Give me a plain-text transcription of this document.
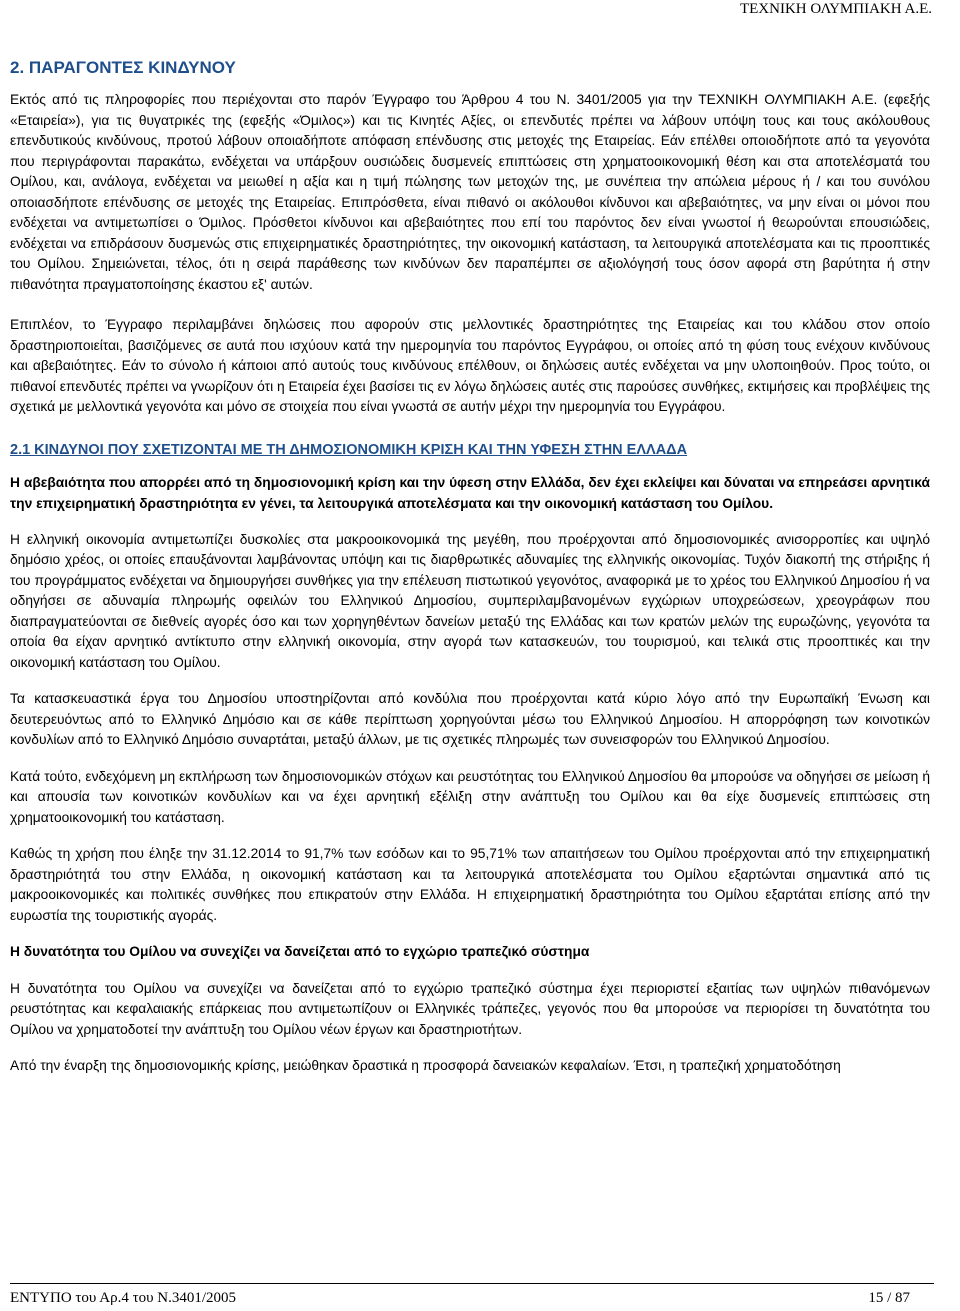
ΤΕΧΝΙΚΗ ΟΛΥΜΠΙΑΚΗ Α.Ε.
2. ΠΑΡΑΓΟΝΤΕΣ ΚΙΝΔΥΝΟΥ

Εκτός από τις πληροφορίες που περιέχονται στο παρόν Έγγραφο του Άρθρου 4 του Ν. 3401/2005 για την ΤΕΧΝΙΚΗ ΟΛΥΜΠΙΑΚΗ Α.Ε. (εφεξής «Εταιρεία»), για τις θυγατρικές της (εφεξής «Όμιλος») και τις Κινητές Αξίες, οι επενδυτές πρέπει να λάβουν υπόψη τους και τους ακόλουθους επενδυτικούς κινδύνους, προτού λάβουν οποιαδήποτε απόφαση επένδυσης στις μετοχές της Εταιρείας. Εάν επέλθει οποιοδήποτε από τα γεγονότα που περιγράφονται παρακάτω, ενδέχεται να υπάρξουν ουσιώδεις δυσμενείς επιπτώσεις στη χρηματοοικονομική θέση και στα αποτελέσματά του Ομίλου, και, ανάλογα, ενδέχεται να μειωθεί η αξία και η τιμή πώλησης των μετοχών της, με συνέπεια την απώλεια μέρους ή / και του συνόλου οποιασδήποτε επένδυσης σε μετοχές της Εταιρείας. Επιπρόσθετα, είναι πιθανό οι ακόλουθοι κίνδυνοι και αβεβαιότητες, να μην είναι οι μόνοι που ενδέχεται να αντιμετωπίσει ο Όμιλος. Πρόσθετοι κίνδυνοι και αβεβαιότητες που επί του παρόντος δεν είναι γνωστοί ή θεωρούνται επουσιώδεις, ενδέχεται να επιδράσουν δυσμενώς στις επιχειρηματικές δραστηριότητες, την οικονομική κατάσταση, τα λειτουργικά αποτελέσματα και τις προοπτικές του Ομίλου. Σημειώνεται, τέλος, ότι η σειρά παράθεσης των κινδύνων δεν παραπέμπει σε αξιολόγησή τους όσον αφορά στη βαρύτητα ή στην πιθανότητα πραγματοποίησης έκαστου εξ' αυτών.

Επιπλέον, το Έγγραφο περιλαμβάνει δηλώσεις που αφορούν στις μελλοντικές δραστηριότητες της Εταιρείας και του κλάδου στον οποίο δραστηριοποιείται, βασιζόμενες σε αυτά που ισχύουν κατά την ημερομηνία του παρόντος Εγγράφου, οι οποίες από τη φύση τους ενέχουν κινδύνους και αβεβαιότητες. Εάν το σύνολο ή κάποιοι από αυτούς τους κινδύνους επέλθουν, οι δηλώσεις αυτές ενδέχεται να μην υλοποιηθούν. Προς τούτο, οι πιθανοί επενδυτές πρέπει να γνωρίζουν ότι η Εταιρεία έχει βασίσει τις εν λόγω δηλώσεις αυτές στις παρούσες συνθήκες, εκτιμήσεις και προβλέψεις της σχετικά με μελλοντικά γεγονότα και μόνο σε στοιχεία που είναι γνωστά σε αυτήν μέχρι την ημερομηνία του Εγγράφου.

2.1 ΚΙΝΔΥΝΟΙ ΠΟΥ ΣΧΕΤΙΖΟΝΤΑΙ ΜΕ ΤΗ ΔΗΜΟΣΙΟΝΟΜΙΚΗ ΚΡΙΣΗ ΚΑΙ ΤΗΝ ΥΦΕΣΗ ΣΤΗΝ ΕΛΛΑΔΑ

Η αβεβαιότητα που απορρέει από τη δημοσιονομική κρίση και την ύφεση στην Ελλάδα, δεν έχει εκλείψει και δύναται να επηρεάσει αρνητικά την επιχειρηματική δραστηριότητα εν γένει, τα λειτουργικά αποτελέσματα και την οικονομική κατάσταση του Ομίλου.

Η ελληνική οικονομία αντιμετωπίζει δυσκολίες στα μακροοικονομικά της μεγέθη, που προέρχονται από δημοσιονομικές ανισορροπίες και υψηλό δημόσιο χρέος, οι οποίες επαυξάνονται λαμβάνοντας υπόψη και τις διαρθρωτικές αδυναμίες της ελληνικής οικονομίας. Τυχόν διακοπή της στήριξης ή του προγράμματος ενδέχεται να δημιουργήσει συνθήκες για την επέλευση πιστωτικού γεγονότος, αναφορικά με το χρέος του Ελληνικού Δημοσίου ή να οδηγήσει σε αδυναμία πληρωμής οφειλών του Ελληνικού Δημοσίου, συμπεριλαμβανομένων εγχώριων υποχρεώσεων, χρεογράφων που διαπραγματεύονται σε διεθνείς αγορές όσο και των χορηγηθέντων δανείων μεταξύ της Ελλάδας και των κρατών μελών της ευρωζώνης, γεγονότα τα οποία θα είχαν αρνητικό αντίκτυπο στην ελληνική οικονομία, στην αγορά των κατασκευών, του τουρισμού, και τελικά στις προοπτικές και την οικονομική κατάσταση του Ομίλου.

Τα κατασκευαστικά έργα του Δημοσίου υποστηρίζονται από κονδύλια που προέρχονται κατά κύριο λόγο από την Ευρωπαϊκή Ένωση και δευτερευόντως από το Ελληνικό Δημόσιο και σε κάθε περίπτωση χορηγούνται μέσω του Ελληνικού Δημοσίου. Η απορρόφηση των κοινοτικών κονδυλίων από το Ελληνικό Δημόσιο συναρτάται, μεταξύ άλλων, με τις σχετικές πληρωμές των συνεισφορών του Ελληνικού Δημοσίου.

Κατά τούτο, ενδεχόμενη μη εκπλήρωση των δημοσιονομικών στόχων και ρευστότητας του Ελληνικού Δημοσίου θα μπορούσε να οδηγήσει σε μείωση ή και απουσία των κοινοτικών κονδυλίων και να έχει αρνητική εξέλιξη στην ανάπτυξη του Ομίλου και θα είχε δυσμενείς επιπτώσεις στη χρηματοοικονομική του κατάσταση.

Καθώς τη χρήση που έληξε την 31.12.2014 το 91,7% των εσόδων και το 95,71% των απαιτήσεων του Ομίλου προέρχονται από την επιχειρηματική δραστηριότητά του στην Ελλάδα, η οικονομική κατάσταση και τα λειτουργικά αποτελέσματα του Ομίλου εξαρτώνται σημαντικά από τις μακροοικονομικές και πολιτικές συνθήκες που επικρατούν στην Ελλάδα. Η επιχειρηματική δραστηριότητα του Ομίλου εξαρτάται επίσης από την ευρωστία της τουριστικής αγοράς.

Η δυνατότητα του Ομίλου να συνεχίζει να δανείζεται από το εγχώριο τραπεζικό σύστημα

Η δυνατότητα του Ομίλου να συνεχίζει να δανείζεται από το εγχώριο τραπεζικό σύστημα έχει περιοριστεί εξαιτίας των υψηλών πιθανόμενων ρευστότητας και κεφαλαιακής επάρκειας που αντιμετωπίζουν οι Ελληνικές τράπεζες, γεγονός που θα μπορούσε να περιορίσει τη δυνατότητα του Ομίλου να χρηματοδοτεί την ανάπτυξη του Ομίλου νέων έργων και δραστηριοτήτων.

Από την έναρξη της δημοσιονομικής κρίσης, μειώθηκαν δραστικά η προσφορά δανειακών κεφαλαίων. Έτσι, η τραπεζική χρηματοδότηση

ΕΝΤΥΠΟ του Αρ.4 του Ν.3401/2005	15 / 87
